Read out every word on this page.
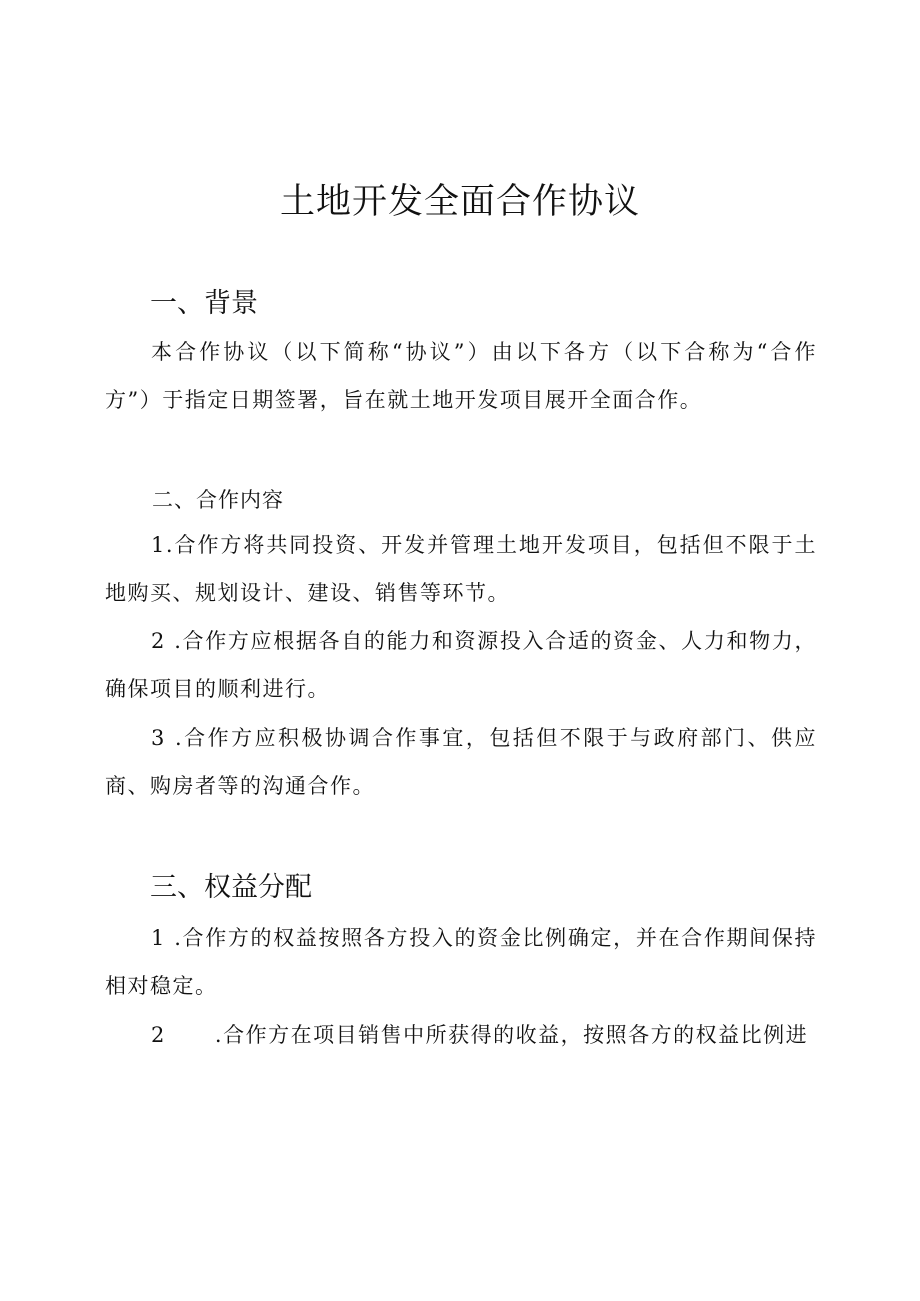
土地开发全面合作协议
一、背景

本合作协议（以下简称“协议”）由以下各方（以下合称为“合作方”）于指定日期签署，旨在就土地开发项目展开全面合作。

二、合作内容

1.合作方将共同投资、开发并管理土地开发项目，包括但不限于土地购买、规划设计、建设、销售等环节。

2 .合作方应根据各自的能力和资源投入合适的资金、人力和物力，确保项目的顺利进行。

3 .合作方应积极协调合作事宜，包括但不限于与政府部门、供应商、购房者等的沟通合作。

三、权益分配

1 .合作方的权益按照各方投入的资金比例确定，并在合作期间保持相对稳定。

2      .合作方在项目销售中所获得的收益，按照各方的权益比例进
